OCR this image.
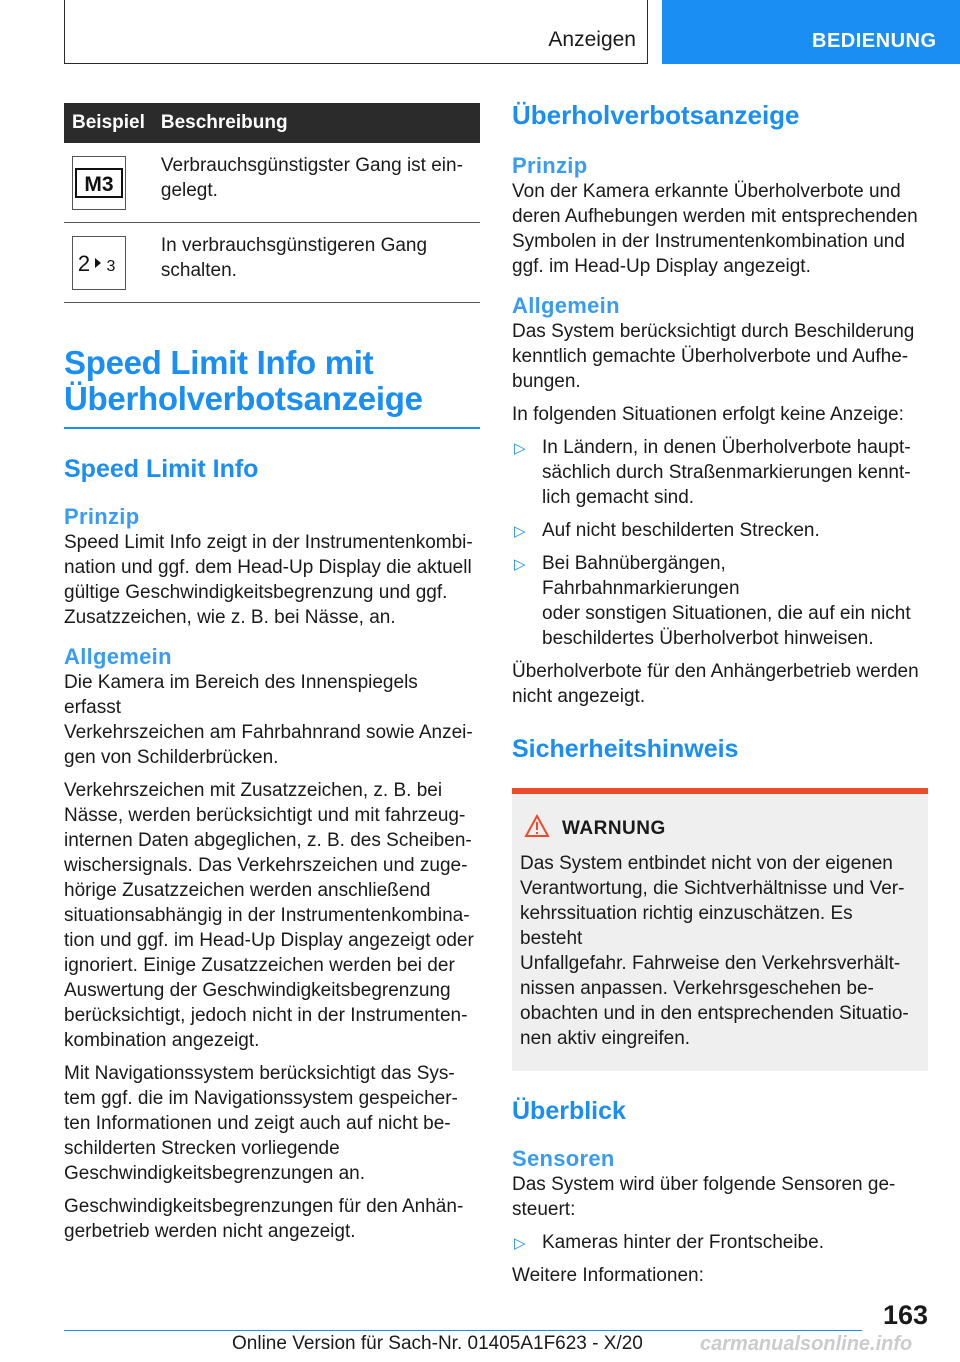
Anzeigen	BEDIENUNG
Beispiel	Beschreibung

M3	Verbrauchsgünstigster Gang ist ein-
gelegt.

2 3	In verbrauchsgünstigeren Gang
schalten.

Speed Limit Info mit Überholverbotsanzeige
Speed Limit Info
Prinzip

Speed Limit Info zeigt in der Instrumentenkombi-
nation und ggf. dem Head-Up Display die aktuell
gültige Geschwindigkeitsbegrenzung und ggf.
Zusatzzeichen, wie z. B. bei Nässe, an.

Allgemein

Die Kamera im Bereich des Innenspiegels erfasst
Verkehrszeichen am Fahrbahnrand sowie Anzei-
gen von Schilderbrücken.

Verkehrszeichen mit Zusatzzeichen, z. B. bei
Nässe, werden berücksichtigt und mit fahrzeug-
internen Daten abgeglichen, z. B. des Scheiben-
wischersignals. Das Verkehrszeichen und zuge-
hörige Zusatzzeichen werden anschließend
situationsabhängig in der Instrumentenkombina-
tion und ggf. im Head-Up Display angezeigt oder
ignoriert. Einige Zusatzzeichen werden bei der
Auswertung der Geschwindigkeitsbegrenzung
berücksichtigt, jedoch nicht in der Instrumenten-
kombination angezeigt.

Mit Navigationssystem berücksichtigt das Sys-
tem ggf. die im Navigationssystem gespeicher-
ten Informationen und zeigt auch auf nicht be-
schilderten Strecken vorliegende
Geschwindigkeitsbegrenzungen an.

Geschwindigkeitsbegrenzungen für den Anhän-
gerbetrieb werden nicht angezeigt.

Überholverbotsanzeige
Prinzip

Von der Kamera erkannte Überholverbote und
deren Aufhebungen werden mit entsprechenden
Symbolen in der Instrumentenkombination und
ggf. im Head-Up Display angezeigt.

Allgemein

Das System berücksichtigt durch Beschilderung
kenntlich gemachte Überholverbote und Aufhe-
bungen.

In folgenden Situationen erfolgt keine Anzeige:

▷ In Ländern, in denen Überholverbote haupt-
sächlich durch Straßenmarkierungen kennt-
lich gemacht sind.
▷ Auf nicht beschilderten Strecken.
▷ Bei Bahnübergängen, Fahrbahnmarkierungen
oder sonstigen Situationen, die auf ein nicht
beschildertes Überholverbot hinweisen.

Überholverbote für den Anhängerbetrieb werden
nicht angezeigt.

Sicherheitshinweis
WARNUNG

Das System entbindet nicht von der eigenen
Verantwortung, die Sichtverhältnisse und Ver-
kehrssituation richtig einzuschätzen. Es besteht
Unfallgefahr. Fahrweise den Verkehrsverhält-
nissen anpassen. Verkehrsgeschehen be-
obachten und in den entsprechenden Situatio-
nen aktiv eingreifen.

Überblick
Sensoren

Das System wird über folgende Sensoren ge-
steuert:

▷ Kameras hinter der Frontscheibe.

Weitere Informationen:

163
Online Version für Sach-Nr. 01405A1F623 - X/20	carmanualsonline.info
